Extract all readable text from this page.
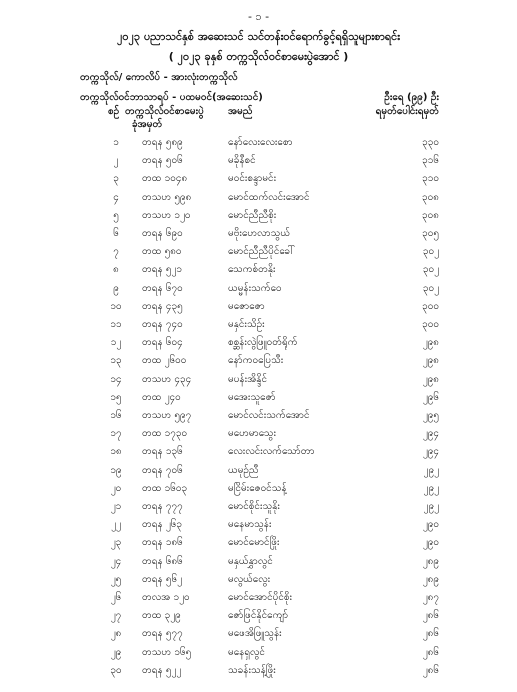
- ၁ -
၂၀၂၃ ပညာသင်နှစ် အဆေးသင် သင်တန်းဝင်ရောက်ခွင့်ရရှိသူများစာရင်း
( ၂၀၂၃ ခုနှစ် တက္ကသိုလ်ဝင်စာမေးပွဲအောင် )
တက္ကသိုလ်/ ကောလိပ် - အားလုံးတက္ကသိုလ်
တက္ကသိုလ်ဝင်ဘာသာရပ် - ပထမဝင်(အဆေးသင်)	ဦးရေ (၉၉) ဦး
စဉ် တက္ကသိုလ်ဝင်စာမေးပွဲ
ခုံအမှတ်
အမည်	ရမှတ်ပေါင်းရမှတ်
၁	တရန ၅၈၉	နော်လေးလေးစော	၃၃၀
၂	တရန ၅၀၆	မခိုနီစင်	၃၁၆
၃	တထ ၁၀၄၈	မဝင်းစန္ဒာမင်း	၃၁၀
၄	တသဟ ၅၉၈	မောင်ထက်လင်းအောင်	၃၀၈
၅	တသဟ ၁၂၀	မောင်ညီညီစိုး	၃၀၈
၆	တရန ၆၉၀	မဗိုးဟေလာသွယ်	၃၀၅
၇	တထ ၅၈၀	မောင်ညီညီပိုင်ခေါ်	၃၀၂
၈	တရန ၅၂၁	သေကစ်ဝာနိုး	၃၀၂
၉	တရန ၆၇၀	ယမ္မန်းသက်ဝေ	၃၀၂
၁၀	တရန ၄၃၅	မဇောဇော	၃၀၀
၁၁	တရန ၇၄၀	မနှင်းသိဉ်း	၃၀၀
၁၂	တရန ၆၀၄	စစ္ဆန်းလွဲဖြူဝတ်ရိုက်	၂၉၈
၁၃	တထ ၂၆၀၀	နော်ကဝပြေသီး	၂၉၈
၁၄	တသဟ ၄၃၄	မပန်းအိန္ဒိင်	၂၉၈
၁၅	တထ ၂၄၀	မအေးသူဇော်	၂၉၆
၁၆	တသဟ ၅၉၇	မောင်လင်းသက်အောင်	၂၉၅
၁၇	တထ ၁၇၃၀	မဟေမာသွေး	၂၉၄
၁၈	တရန ၁၃၆	လေးလင်းလက်သော်တာ	၂၉၄
၁၉	တရန ၇၀၆	ယမုဉ်ညီ	၂၉၂
၂၀	တထ ၁၆၀၃	မငြိမ်းဇေဝင်သန့်	၂၉၂
၂၁	တရန ၇၇၇	မောင်စိုင်းသူနိုး	၂၉၂
၂၂	တရန ၂၆၃	မနေမာသွန်း	၂၉၀
၂၃	တရန ၁၈၆	မောင်မောင်ဖြိုး	၂၉၀
၂၄	တရန ၆၈၆	မနှယ်နွှာလွင်	၂၈၉
၂၅	တရန ၅၆၂	မလွယ်လွေး	၂၈၉
၂၆	တလအ ၁၂၀	မောင်အောင်ပိုင်စိုး	၂၈၇
၂၇	တထ ၃၂၉	ဇော်ဖြင်နိုင်ကျော်	၂၈၆
၂၈	တရန ၅၇၇	မဖေအိဖြူသွန်း	၂၈၆
၂၉	တသဟ ၁၆၅	မနေရှလွင်	၂၈၆
၃၀	တရန ၅၂၂	သခန်းသန့်ဖြိုး	၂၈၆
